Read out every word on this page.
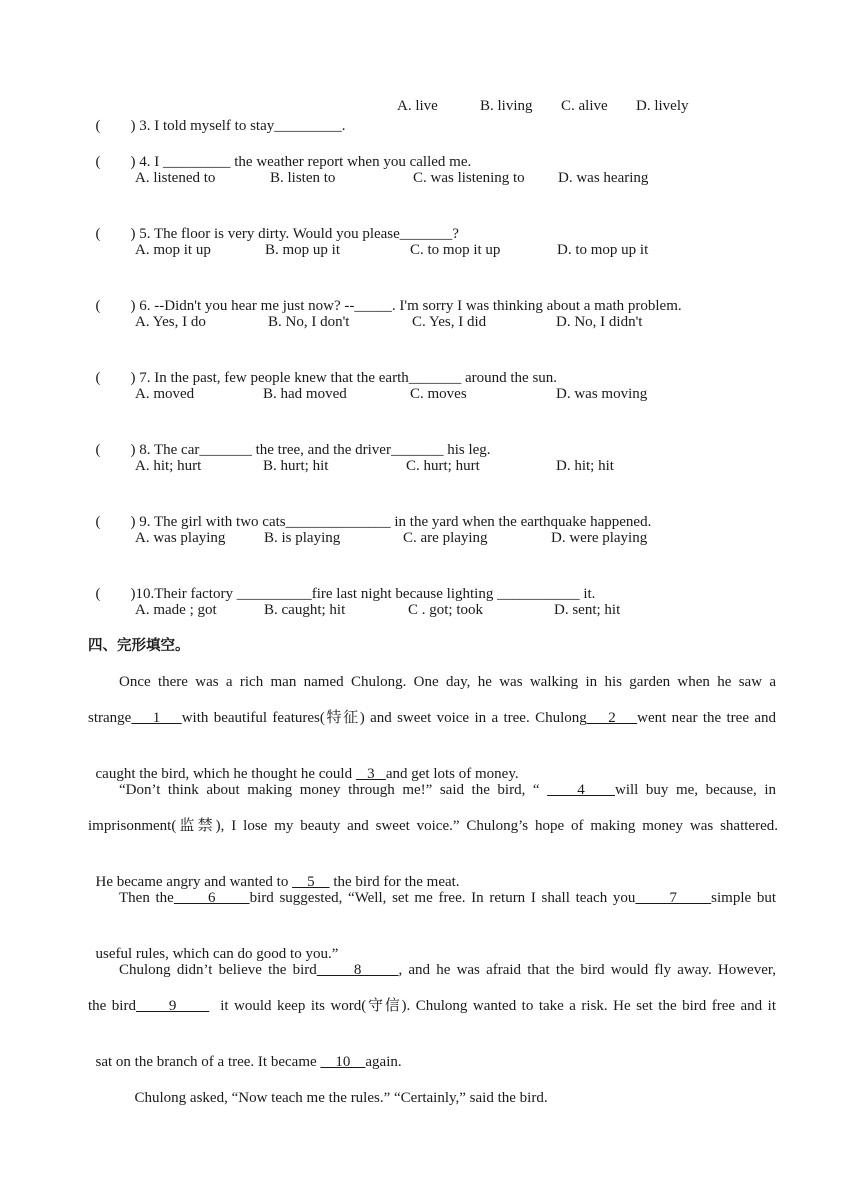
(        ) 3. I told myself to stay_________.

A. live	B. living C. alive D. lively

(        ) 4. I _________ the weather report when you called me.

A. listened to	B. listen to	C. was listening to D. was hearing

(        ) 5. The floor is very dirty. Would you please_______?

A. mop it up	B. mop up it	C. to mop it up	D. to mop up it

(        ) 6. --Didn't you hear me just now? --_____. I'm sorry I was thinking about a math problem.

A. Yes, I do	B. No, I don't	C. Yes, I did	D. No, I didn't

(        ) 7. In the past, few people knew that the earth_______ around the sun.

A. moved	B. had moved	C. moves	D. was moving

(        ) 8. The car_______ the tree, and the driver_______ his leg.

A. hit; hurt	B. hurt; hit	C. hurt; hurt	D. hit; hit

(        ) 9. The girl with two cats______________ in the yard when the earthquake happened.

A. was playing	B. is playing	C. are playing	D. were playing

(        )10.Their factory __________fire last night because lighting ___________ it.

A. made ; got	B. caught; hit	C . got; took	D. sent; hit
四、完形填空。
Once there was a rich man named Chulong. One day, he was walking in his garden when he saw a
strange    1    with beautiful features(特征) and sweet voice in a tree. Chulong    2    went near the tree and

caught the bird, which he thought he could    3   and get lots of money.

“Don’t think about making money through me!” said the bird, “     4    will buy me, because, in
imprisonment(监禁), I lose my beauty and sweet voice.” Chulong’s hope of making money was shattered.

He became angry and wanted to     5     the bird for the meat.

Then the      6      bird suggested, “Well, set me free. In return I shall teach you      7      simple but

useful rules, which can do good to you.”

Chulong didn’t believe the bird      8      , and he was afraid that the bird would fly away. However,
the bird      9        it would keep its word(守信). Chulong wanted to take a risk. He set the bird free and it

sat on the branch of a tree. It became     10    again.

Chulong asked, “Now teach me the rules.” “Certainly,” said the bird.
